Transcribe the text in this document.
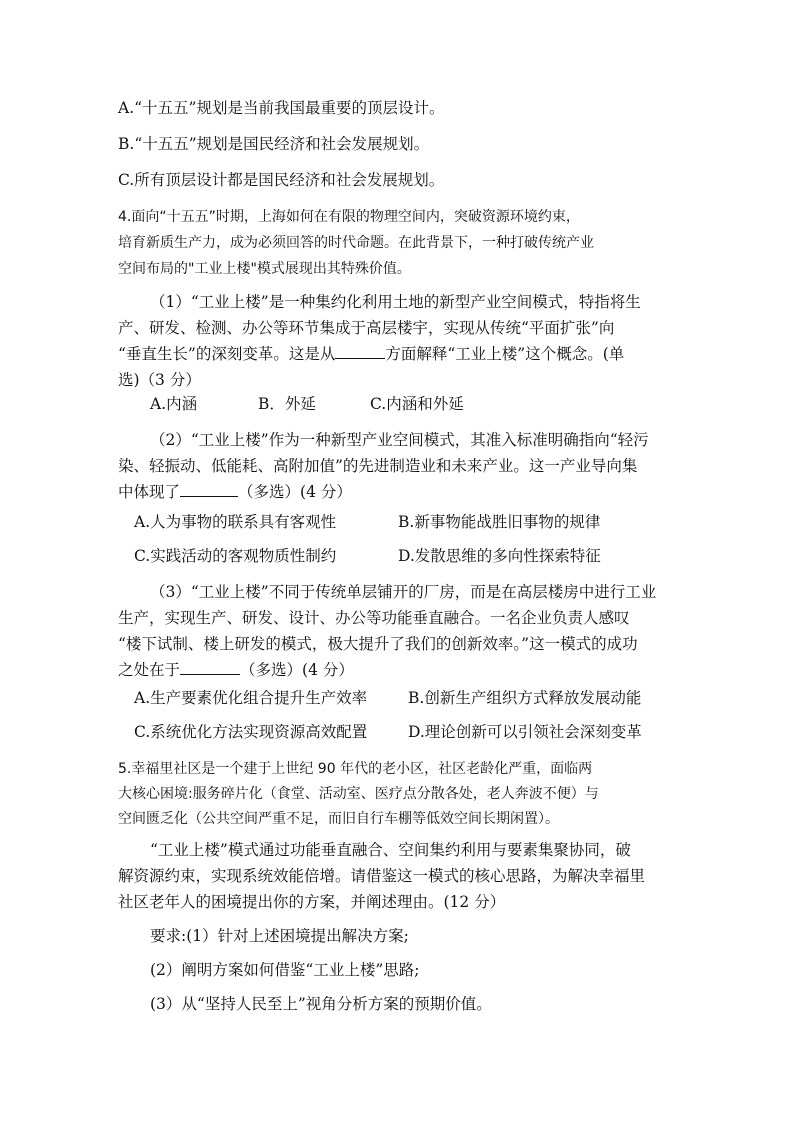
A.“十五五”规划是当前我国最重要的顶层设计。

B.“十五五”规划是国民经济和社会发展规划。

C.所有顶层设计都是国民经济和社会发展规划。

4.面向“十五五”时期，上海如何在有限的物理空间内，突破资源环境约束，

培育新质生产力，成为必须回答的时代命题。在此背景下，一种打破传统产业

空间布局的"工业上楼"模式展现出其特殊价值。

（1）“工业上楼”是一种集约化利用土地的新型产业空间模式，特指将生

产、研发、检测、办公等环节集成于高层楼宇，实现从传统“平面扩张”向

“垂直生长”的深刻变革。这是从	方面解释“工业上楼”这个概念。(单

选)（3 分）

A.内涵	B．外延	C.内涵和外延

（2）“工业上楼”作为一种新型产业空间模式，其准入标准明确指向“轻污

染、轻振动、低能耗、高附加值”的先进制造业和未来产业。这一产业导向集

中体现了	（多选）(4 分）

A.人为事物的联系具有客观性	B.新事物能战胜旧事物的规律

C.实践活动的客观物质性制约	D.发散思维的多向性探索特征

（3）“工业上楼”不同于传统单层铺开的厂房，而是在高层楼房中进行工业

生产，实现生产、研发、设计、办公等功能垂直融合。一名企业负责人感叹

“楼下试制、楼上研发的模式，极大提升了我们的创新效率。”这一模式的成功

之处在于	（多选）(4 分）

A.生产要素优化组合提升生产效率	B.创新生产组织方式释放发展动能

C.系统优化方法实现资源高效配置	D.理论创新可以引领社会深刻变革

5.幸福里社区是一个建于上世纪 90 年代的老小区，社区老龄化严重，面临两

大核心困境:服务碎片化（食堂、活动室、医疗点分散各处，老人奔波不便）与

空间匮乏化（公共空间严重不足，而旧自行车棚等低效空间长期闲置）。

“工业上楼”模式通过功能垂直融合、空间集约利用与要素集聚协同，破

解资源约束，实现系统效能倍增。请借鉴这一模式的核心思路，为解决幸福里

社区老年人的困境提出你的方案，并阐述理由。(12 分）

要求:(1）针对上述困境提出解决方案;

(2）阐明方案如何借鉴“工业上楼”思路;

(3）从“坚持人民至上”视角分析方案的预期价值。
